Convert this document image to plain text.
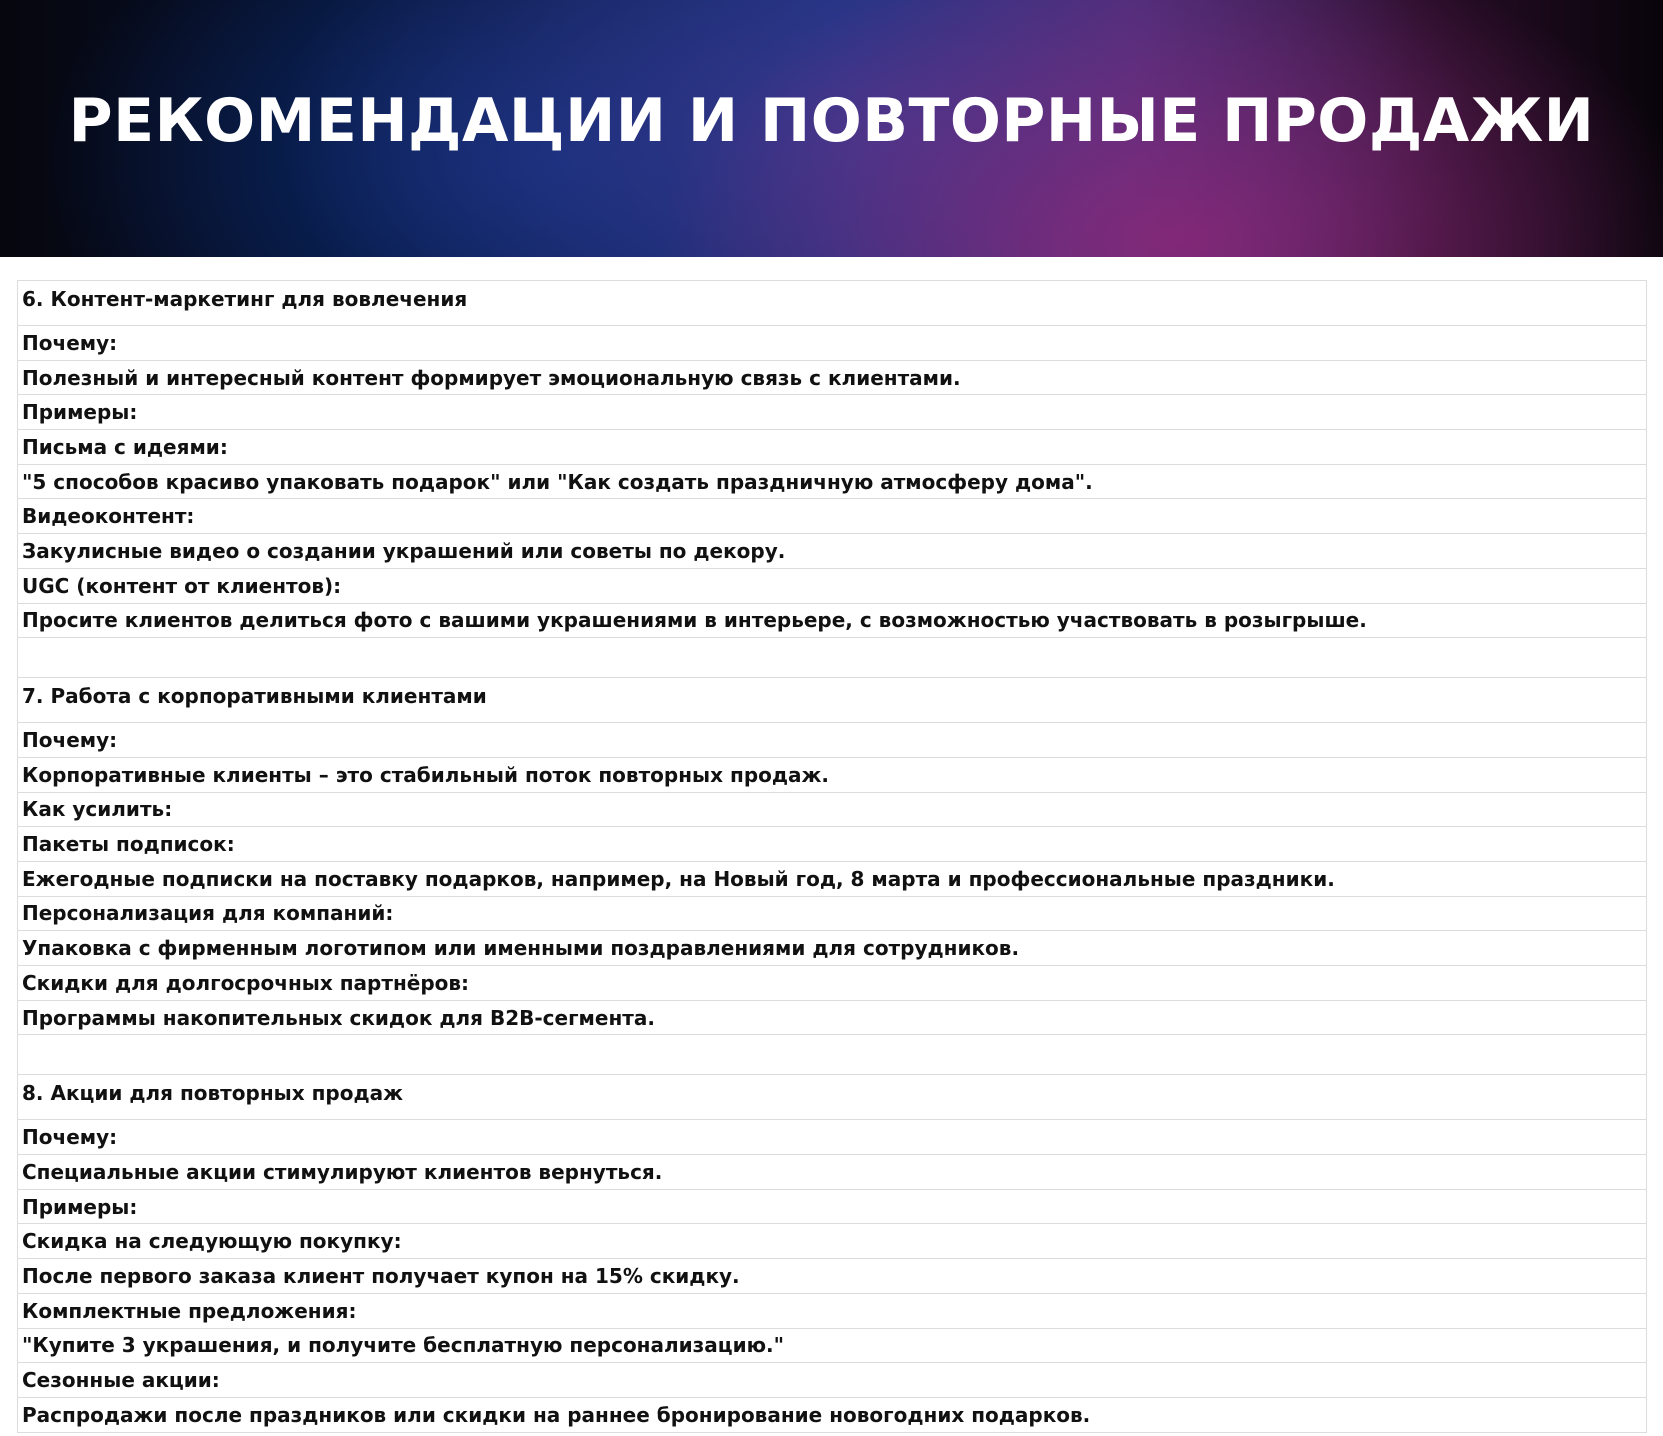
РЕКОМЕНДАЦИИ И ПОВТОРНЫЕ ПРОДАЖИ
6. Контент-маркетинг для вовлечения
Почему:
Полезный и интересный контент формирует эмоциональную связь с клиентами.
Примеры:
Письма с идеями:
"5 способов красиво упаковать подарок" или "Как создать праздничную атмосферу дома".
Видеоконтент:
Закулисные видео о создании украшений или советы по декору.
UGC (контент от клиентов):
Просите клиентов делиться фото с вашими украшениями в интерьере, с возможностью участвовать в розыгрыше.
7. Работа с корпоративными клиентами
Почему:
Корпоративные клиенты – это стабильный поток повторных продаж.
Как усилить:
Пакеты подписок:
Ежегодные подписки на поставку подарков, например, на Новый год, 8 марта и профессиональные праздники.
Персонализация для компаний:
Упаковка с фирменным логотипом или именными поздравлениями для сотрудников.
Скидки для долгосрочных партнёров:
Программы накопительных скидок для B2B-сегмента.
8. Акции для повторных продаж
Почему:
Специальные акции стимулируют клиентов вернуться.
Примеры:
Скидка на следующую покупку:
После первого заказа клиент получает купон на 15% скидку.
Комплектные предложения:
"Купите 3 украшения, и получите бесплатную персонализацию."
Сезонные акции:
Распродажи после праздников или скидки на раннее бронирование новогодних подарков.
